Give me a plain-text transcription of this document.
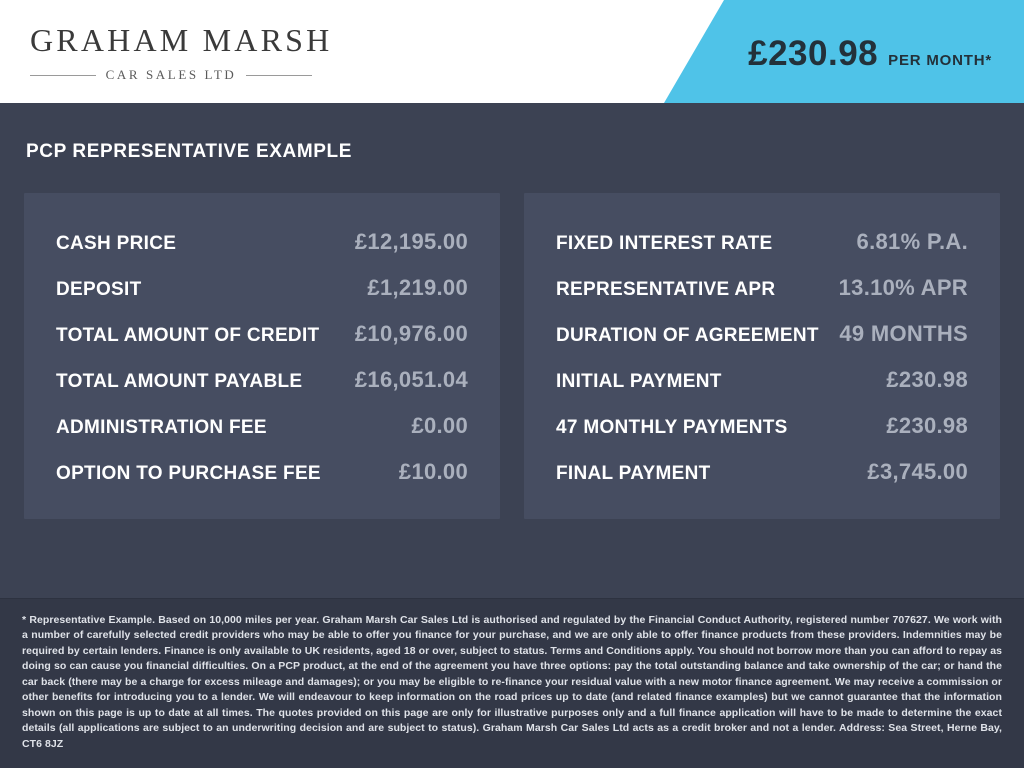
GRAHAM MARSH
CAR SALES LTD
£230.98 PER MONTH*
PCP REPRESENTATIVE EXAMPLE
CASH PRICE	£12,195.00
DEPOSIT	£1,219.00
TOTAL AMOUNT OF CREDIT £10,976.00
TOTAL AMOUNT PAYABLE £16,051.04
ADMINISTRATION FEE	£0.00
OPTION TO PURCHASE FEE	£10.00
FIXED INTEREST RATE	6.81% P.A.
REPRESENTATIVE APR	13.10% APR
DURATION OF AGREEMENT 49 MONTHS
INITIAL PAYMENT	£230.98
47 MONTHLY PAYMENTS	£230.98
FINAL PAYMENT	£3,745.00

* Representative Example. Based on 10,000 miles per year. Graham Marsh Car Sales Ltd is authorised and regulated by the Financial Conduct Authority, registered number 707627. We work with a number of carefully selected credit providers who may be able to offer you finance for your purchase, and we are only able to offer finance products from these providers. Indemnities may be required by certain lenders. Finance is only available to UK residents, aged 18 or over, subject to status. Terms and Conditions apply. You should not borrow more than you can afford to repay as doing so can cause you financial difficulties. On a PCP product, at the end of the agreement you have three options: pay the total outstanding balance and take ownership of the car; or hand the car back (there may be a charge for excess mileage and damages); or you may be eligible to re-finance your residual value with a new motor finance agreement. We may receive a commission or other benefits for introducing you to a lender. We will endeavour to keep information on the road prices up to date (and related finance examples) but we cannot guarantee that the information shown on this page is up to date at all times. The quotes provided on this page are only for illustrative purposes only and a full finance application will have to be made to determine the exact details (all applications are subject to an underwriting decision and are subject to status). Graham Marsh Car Sales Ltd acts as a credit broker and not a lender. Address: Sea Street, Herne Bay, CT6 8JZ
